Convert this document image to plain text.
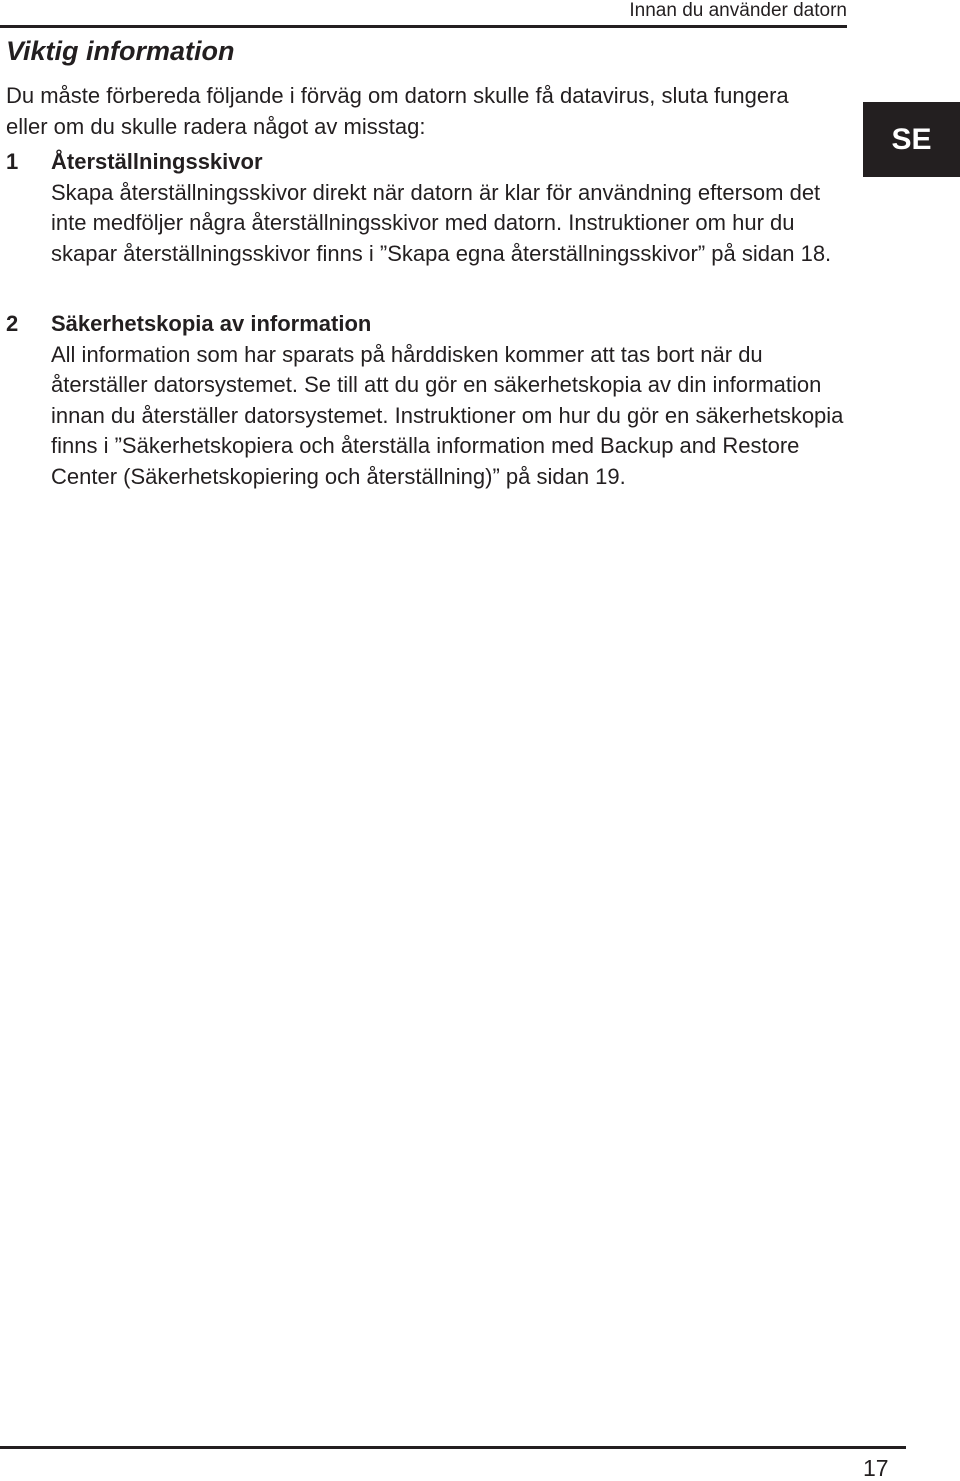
Innan du använder datorn
Viktig information

Du måste förbereda följande i förväg om datorn skulle få datavirus, sluta fungera eller om du skulle radera något av misstag:

1 Återställningsskivor

Skapa återställningsskivor direkt när datorn är klar för användning eftersom det inte medföljer några återställningsskivor med datorn. Instruktioner om hur du skapar återställningsskivor finns i ”Skapa egna återställningsskivor” på sidan 18.

2 Säkerhetskopia av information

All information som har sparats på hårddisken kommer att tas bort när du återställer datorsystemet. Se till att du gör en säkerhetskopia av din information innan du återställer datorsystemet. Instruktioner om hur du gör en säkerhetskopia finns i ”Säkerhetskopiera och återställa information med Backup and Restore Center (Säkerhetskopiering och återställning)” på sidan 19.

SE
17
